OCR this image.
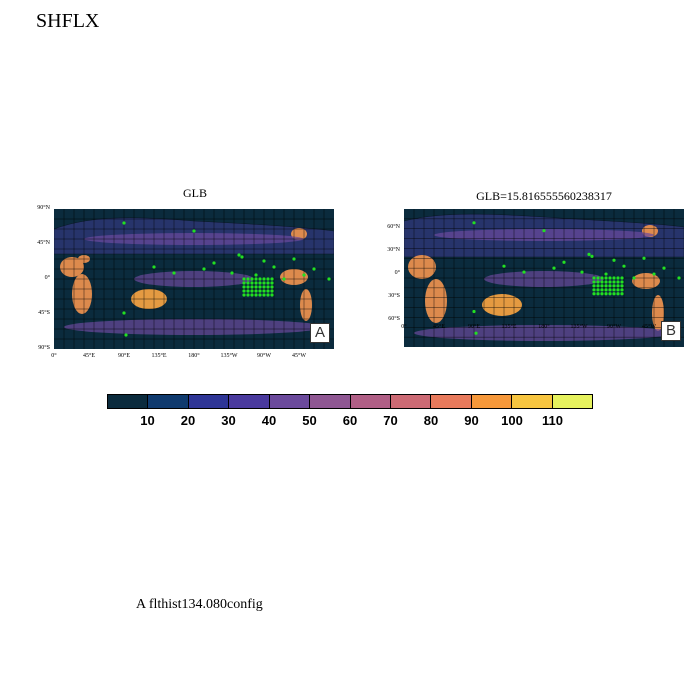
SHFLX
GLB
A
GLB=15.816555560238317
B
A flthist134.080config
90°N
45°N
0°
45°S
90°S
0°	45°E	90°E	135°E	180°	135°W	90°W	45°W
60°N
30°N
0°
30°S
60°S
0°	45°E	90°E	135°E	180°	135°W	90°W	45°W
10	20	30	40	50	60	70	80	90	100	110
